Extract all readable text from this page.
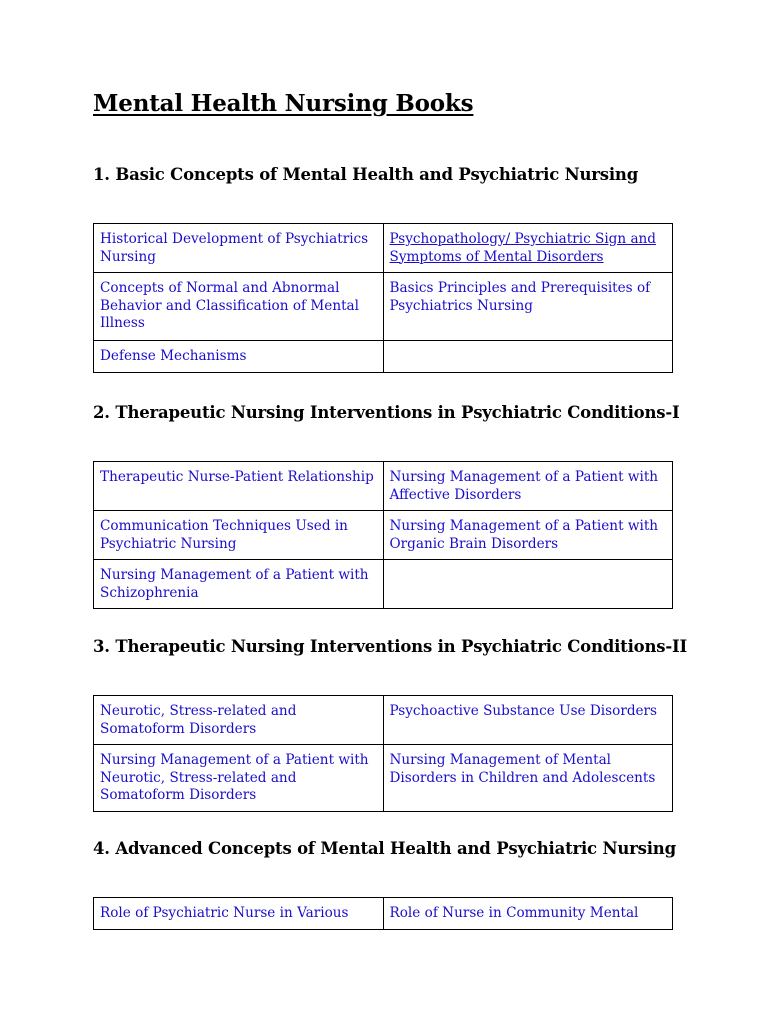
Mental Health Nursing Books
1. Basic Concepts of Mental Health and Psychiatric Nursing
Historical Development of Psychiatrics Nursing	Psychopathology/ Psychiatric Sign and Symptoms of Mental Disorders
Concepts of Normal and Abnormal Behavior and Classification of Mental Illness	Basics Principles and Prerequisites of Psychiatrics Nursing
Defense Mechanisms	
2. Therapeutic Nursing Interventions in Psychiatric Conditions-I
Therapeutic Nurse-Patient Relationship	Nursing Management of a Patient with Affective Disorders
Communication Techniques Used in Psychiatric Nursing	Nursing Management of a Patient with Organic Brain Disorders
Nursing Management of a Patient with Schizophrenia	
3. Therapeutic Nursing Interventions in Psychiatric Conditions-II
Neurotic, Stress-related and Somatoform Disorders	Psychoactive Substance Use Disorders
Nursing Management of a Patient with Neurotic, Stress-related and Somatoform Disorders	Nursing Management of Mental Disorders in Children and Adolescents
4. Advanced Concepts of Mental Health and Psychiatric Nursing
Role of Psychiatric Nurse in Various	Role of Nurse in Community Mental
